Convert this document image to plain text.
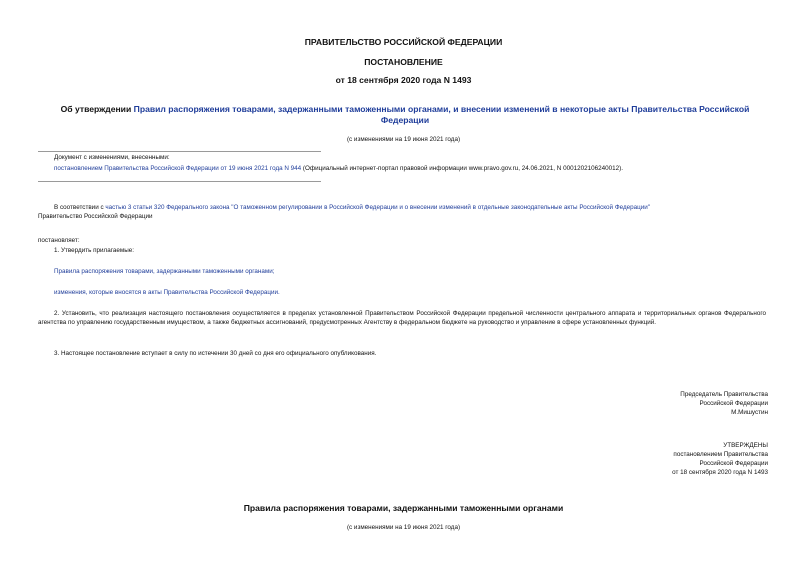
ПРАВИТЕЛЬСТВО РОССИЙСКОЙ ФЕДЕРАЦИИ
ПОСТАНОВЛЕНИЕ
от 18 сентября 2020 года N 1493
Об утверждении Правил распоряжения товарами, задержанными таможенными органами, и внесении изменений в некоторые акты Правительства Российской Федерации
(с изменениями на 19 июня 2021 года)
Документ с изменениями, внесенными:
постановлением Правительства Российской Федерации от 19 июня 2021 года N 944 (Официальный интернет-портал правовой информации www.pravo.gov.ru, 24.06.2021, N 0001202106240012).
В соответствии с частью 3 статьи 320 Федерального закона "О таможенном регулировании в Российской Федерации и о внесении изменений в отдельные законодательные акты Российской Федерации"
Правительство Российской Федерации
постановляет:
1. Утвердить прилагаемые:
Правила распоряжения товарами, задержанными таможенными органами;
изменения, которые вносятся в акты Правительства Российской Федерации.
2. Установить, что реализация настоящего постановления осуществляется в пределах установленной Правительством Российской Федерации предельной численности центрального аппарата и территориальных органов Федерального агентства по управлению государственным имуществом, а также бюджетных ассигнований, предусмотренных Агентству в федеральном бюджете на руководство и управление в сфере установленных функций.
3. Настоящее постановление вступает в силу по истечении 30 дней со дня его официального опубликования.
Председатель Правительства
Российской Федерации
М.Мишустин
УТВЕРЖДЕНЫ
постановлением Правительства
Российской Федерации
от 18 сентября 2020 года N 1493
Правила распоряжения товарами, задержанными таможенными органами
(с изменениями на 19 июня 2021 года)
